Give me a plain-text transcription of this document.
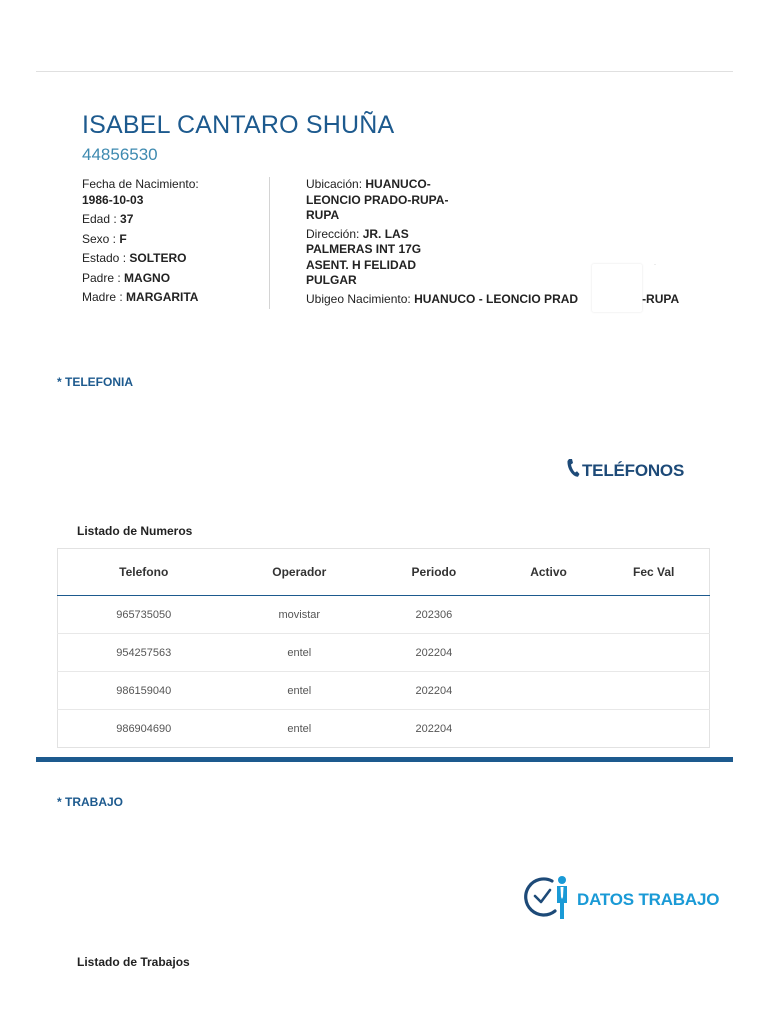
ISABEL CANTARO SHUÑA
44856530
Fecha de Nacimiento:
1986-10-03
Edad : 37
Sexo : F
Estado : SOLTERO
Padre : MAGNO
Madre : MARGARITA
Ubicación: HUANUCO-LEONCIO PRADO-RUPA-RUPA
Dirección: JR. LAS PALMERAS INT 17G ASENT. H FELIDAD PULGAR
Ubigeo Nacimiento: HUANUCO - LEONCIO PRAD	-RUPA
·
* TELEFONIA
TELÉFONOS
Listado de Numeros
Telefono	Operador	Periodo	Activo	Fec Val
965735050	movistar	202306		
954257563	entel	202204		
986159040	entel	202204		
986904690	entel	202204		
* TRABAJO
DATOS TRABAJO
Listado de Trabajos
